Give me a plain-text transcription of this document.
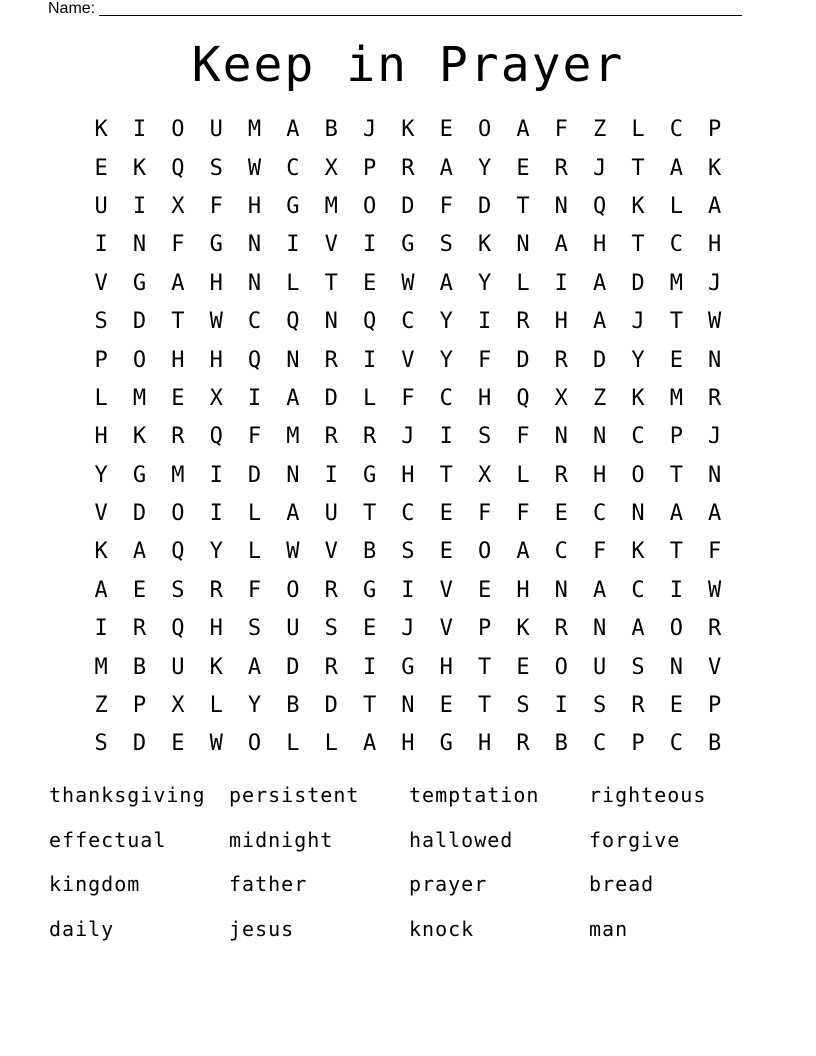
Name:
Keep in Prayer
K	I	O	U	M	A	B	J	K	E	O	A	F	Z	L	C	P
E	K	Q	S	W	C	X	P	R	A	Y	E	R	J	T	A	K
U	I	X	F	H	G	M	O	D	F	D	T	N	Q	K	L	A
I	N	F	G	N	I	V	I	G	S	K	N	A	H	T	C	H
V	G	A	H	N	L	T	E	W	A	Y	L	I	A	D	M	J
S	D	T	W	C	Q	N	Q	C	Y	I	R	H	A	J	T	W
P	O	H	H	Q	N	R	I	V	Y	F	D	R	D	Y	E	N
L	M	E	X	I	A	D	L	F	C	H	Q	X	Z	K	M	R
H	K	R	Q	F	M	R	R	J	I	S	F	N	N	C	P	J
Y	G	M	I	D	N	I	G	H	T	X	L	R	H	O	T	N
V	D	O	I	L	A	U	T	C	E	F	F	E	C	N	A	A
K	A	Q	Y	L	W	V	B	S	E	O	A	C	F	K	T	F
A	E	S	R	F	O	R	G	I	V	E	H	N	A	C	I	W
I	R	Q	H	S	U	S	E	J	V	P	K	R	N	A	O	R
M	B	U	K	A	D	R	I	G	H	T	E	O	U	S	N	V
Z	P	X	L	Y	B	D	T	N	E	T	S	I	S	R	E	P
S	D	E	W	O	L	L	A	H	G	H	R	B	C	P	C	B
thanksgiving	persistent	temptation	righteous
effectual	midnight	hallowed	forgive
kingdom	father	prayer	bread
daily	jesus	knock	man
